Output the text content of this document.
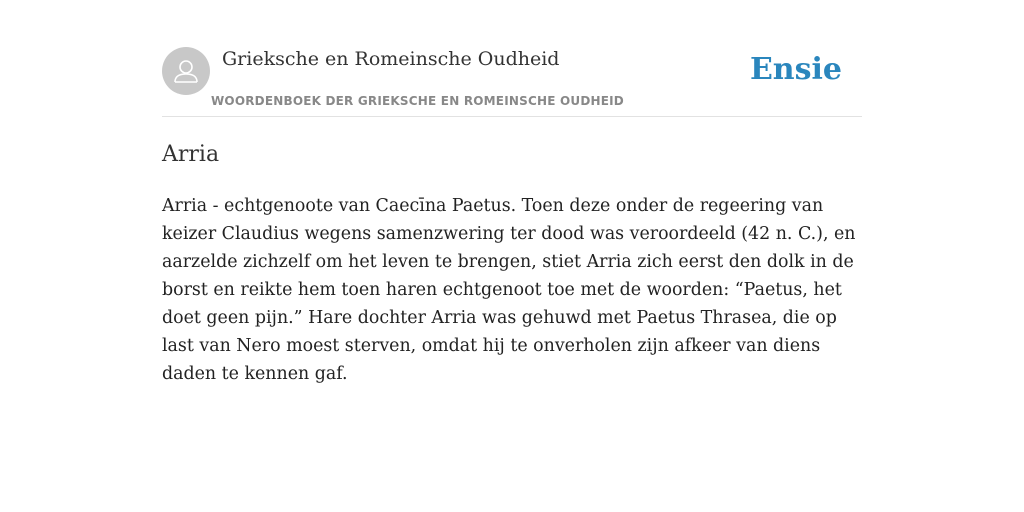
Grieksche en Romeinsche Oudheid
WOORDENBOEK DER GRIEKSCHE EN ROMEINSCHE OUDHEID
Ensie
Arria

Arria - echtgenoote van Caecīna Paetus. Toen deze onder de regeering van keizer Claudius wegens samenzwering ter dood was veroordeeld (42 n. C.), en aarzelde zichzelf om het leven te brengen, stiet Arria zich eerst den dolk in de borst en reikte hem toen haren echtgenoot toe met de woorden: “Paetus, het doet geen pijn.” Hare dochter Arria was gehuwd met Paetus Thrasea, die op last van Nero moest sterven, omdat hij te onverholen zijn afkeer van diens daden te kennen gaf.
